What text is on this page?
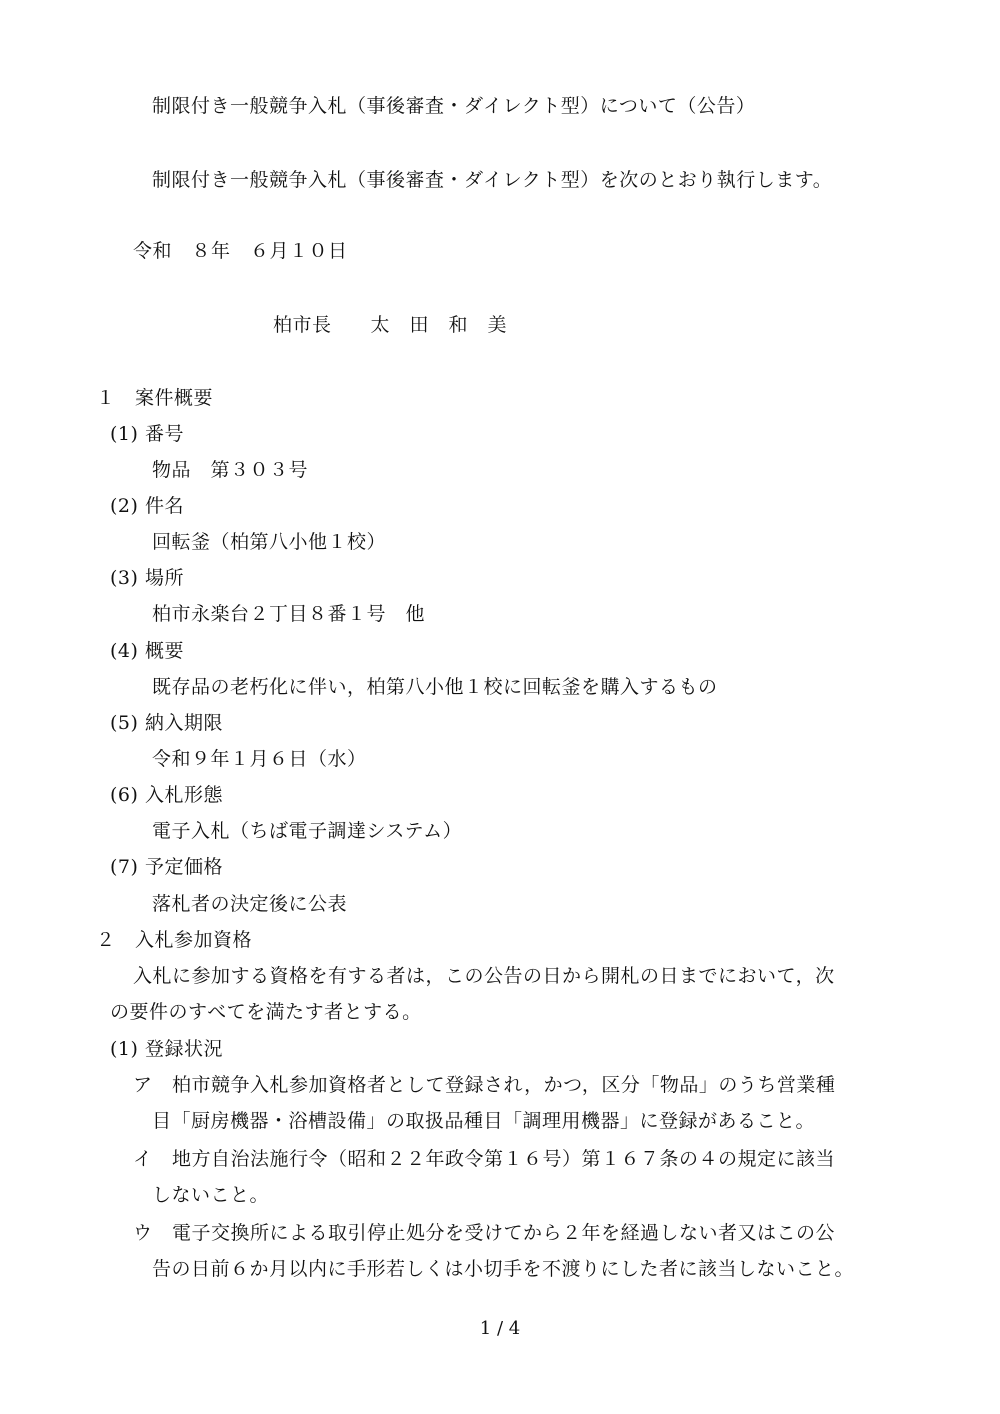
制限付き一般競争入札（事後審査・ダイレクト型）について（公告）
制限付き一般競争入札（事後審査・ダイレクト型）を次のとおり執行します。
令和　８年　６月１０日
柏市長　　太　田　和　美
１　案件概要
(1) 番号
物品　第３０３号
(2) 件名
回転釜（柏第八小他１校）
(3) 場所
柏市永楽台２丁目８番１号　他
(4) 概要
既存品の老朽化に伴い，柏第八小他１校に回転釜を購入するもの
(5) 納入期限
令和９年１月６日（水）
(6) 入札形態
電子入札（ちば電子調達システム）
(7) 予定価格
落札者の決定後に公表
２　入札参加資格
入札に参加する資格を有する者は，この公告の日から開札の日までにおいて，次
の要件のすべてを満たす者とする。
(1) 登録状況
ア　柏市競争入札参加資格者として登録され，かつ，区分「物品」のうち営業種
目「厨房機器・浴槽設備」の取扱品種目「調理用機器」に登録があること。
イ　地方自治法施行令（昭和２２年政令第１６号）第１６７条の４の規定に該当
しないこと。
ウ　電子交換所による取引停止処分を受けてから２年を経過しない者又はこの公
告の日前６か月以内に手形若しくは小切手を不渡りにした者に該当しないこと。
1 / 4
